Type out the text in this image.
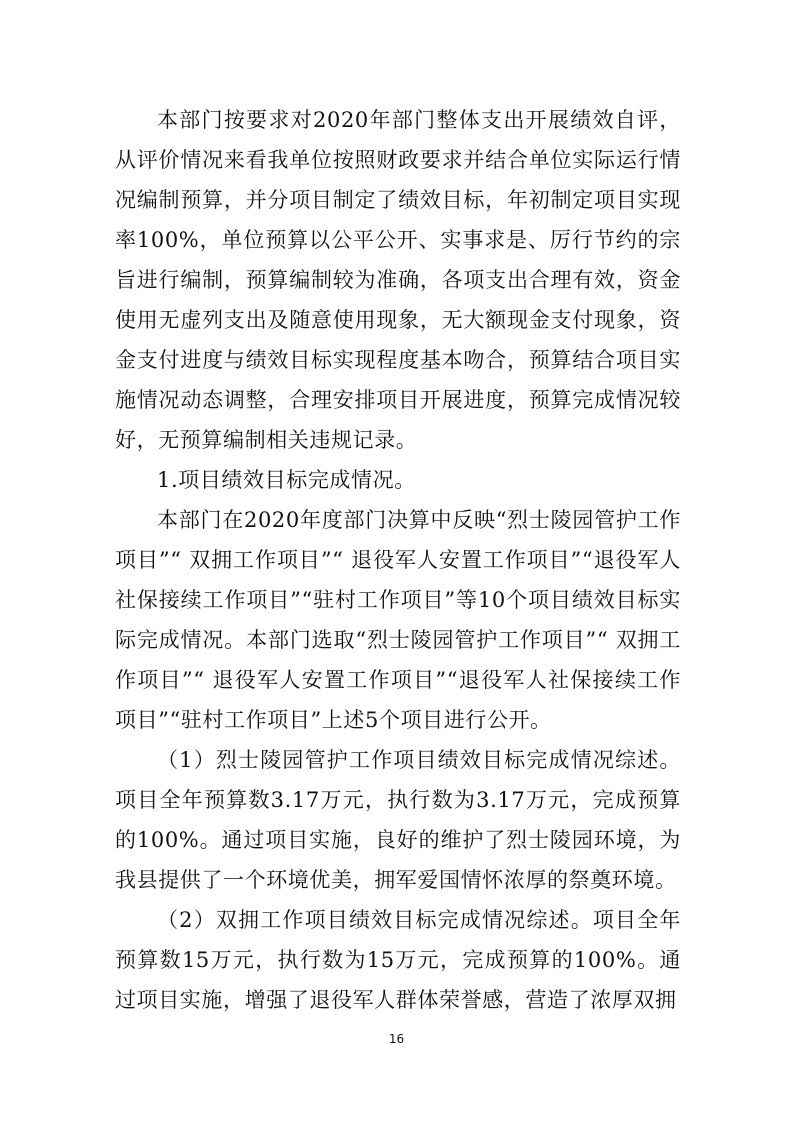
本部门按要求对2020年部门整体支出开展绩效自评，从评价情况来看我单位按照财政要求并结合单位实际运行情况编制预算，并分项目制定了绩效目标，年初制定项目实现率100%，单位预算以公平公开、实事求是、厉行节约的宗旨进行编制，预算编制较为准确，各项支出合理有效，资金使用无虚列支出及随意使用现象，无大额现金支付现象，资金支付进度与绩效目标实现程度基本吻合，预算结合项目实施情况动态调整，合理安排项目开展进度，预算完成情况较好，无预算编制相关违规记录。

1.项目绩效目标完成情况。

本部门在2020年度部门决算中反映“烈士陵园管护工作项目”“ 双拥工作项目”“ 退役军人安置工作项目”“退役军人社保接续工作项目”“驻村工作项目”等10个项目绩效目标实际完成情况。本部门选取“烈士陵园管护工作项目”“ 双拥工作项目”“ 退役军人安置工作项目”“退役军人社保接续工作项目”“驻村工作项目”上述5个项目进行公开。

（1）烈士陵园管护工作项目绩效目标完成情况综述。项目全年预算数3.17万元，执行数为3.17万元，完成预算的100%。通过项目实施，良好的维护了烈士陵园环境，为我县提供了一个环境优美，拥军爱国情怀浓厚的祭奠环境。

（2）双拥工作项目绩效目标完成情况综述。项目全年预算数15万元，执行数为15万元，完成预算的100%。通过项目实施，增强了退役军人群体荣誉感，营造了浓厚双拥

16
